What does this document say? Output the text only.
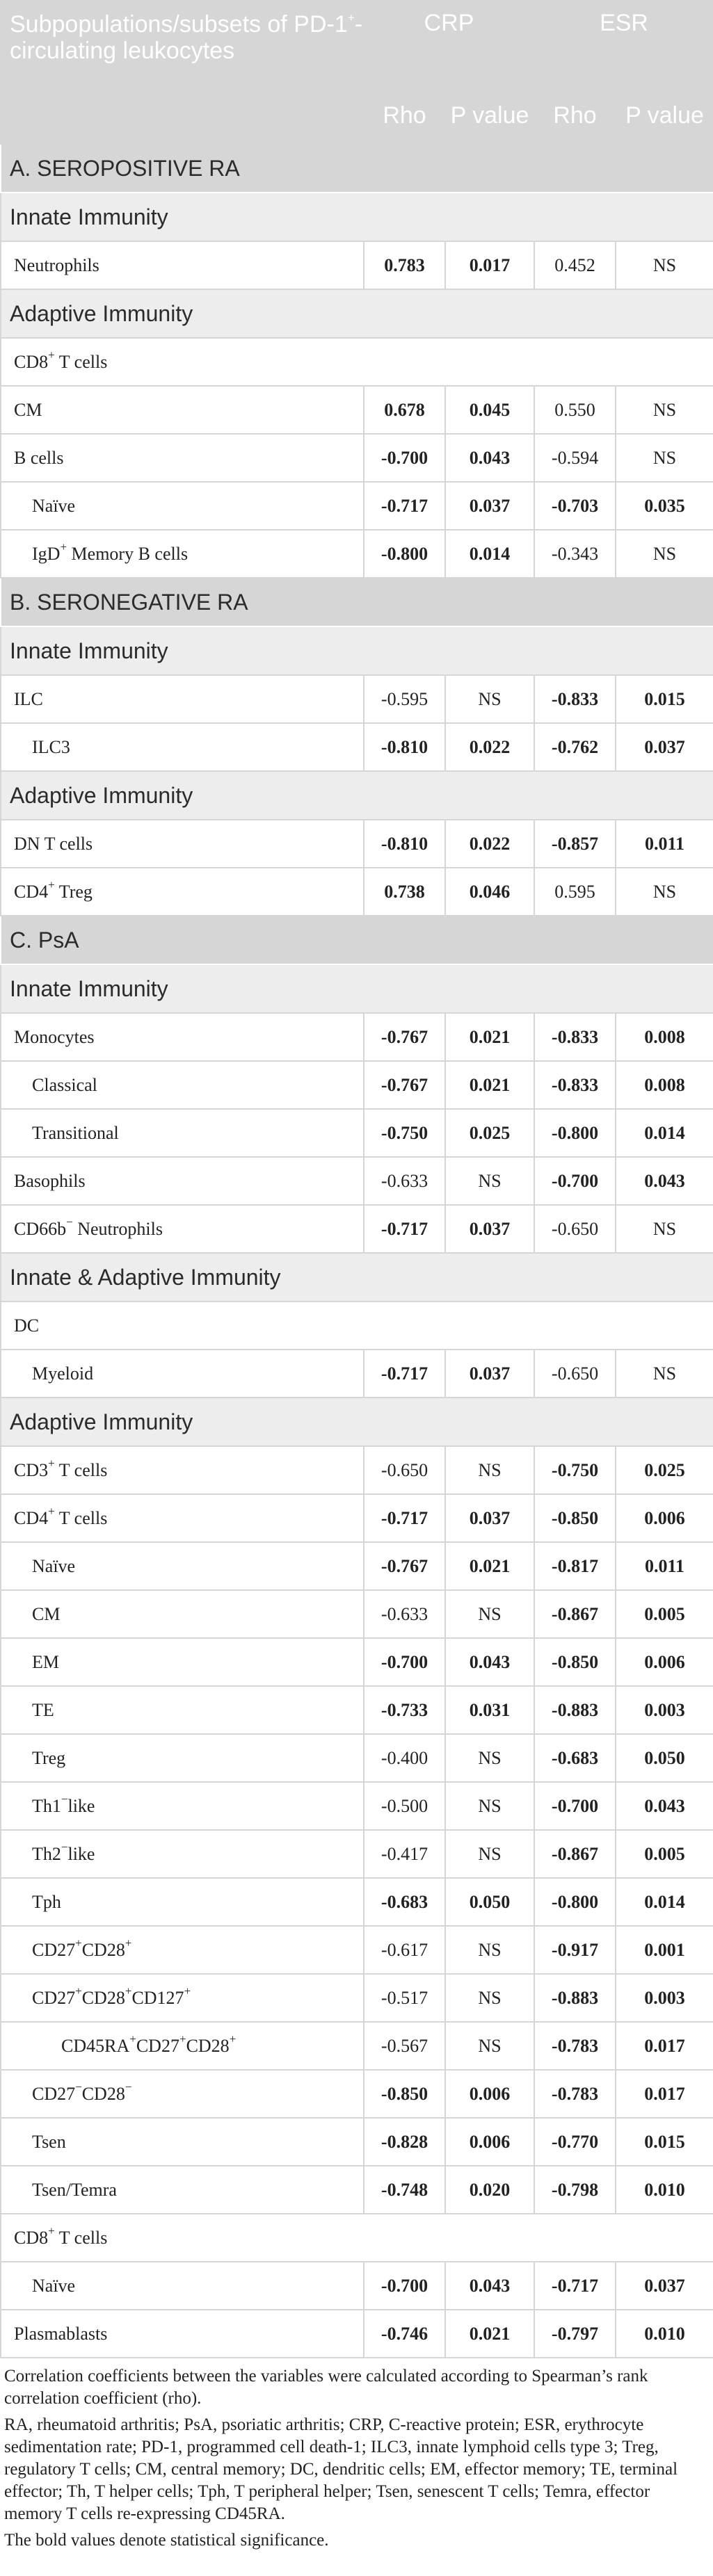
Subpopulations/subsets of PD-1+-circulating leukocytes	CRP		ESR	
	Rho	P value	Rho	P value
A. SEROPOSITIVE RA				
Innate Immunity				
Neutrophils	0.783	0.017	0.452	NS
Adaptive Immunity				
CD8+ T cells				
CM	0.678	0.045	0.550	NS
B cells	-0.700	0.043	-0.594	NS
Naïve	-0.717	0.037	-0.703	0.035
IgD+ Memory B cells	-0.800	0.014	-0.343	NS
B. SERONEGATIVE RA				
Innate Immunity				
ILC	-0.595	NS	-0.833	0.015
ILC3	-0.810	0.022	-0.762	0.037
Adaptive Immunity				
DN T cells	-0.810	0.022	-0.857	0.011
CD4+ Treg	0.738	0.046	0.595	NS
C. PsA				
Innate Immunity				
Monocytes	-0.767	0.021	-0.833	0.008
Classical	-0.767	0.021	-0.833	0.008
Transitional	-0.750	0.025	-0.800	0.014
Basophils	-0.633	NS	-0.700	0.043
CD66b− Neutrophils	-0.717	0.037	-0.650	NS
Innate & Adaptive Immunity				
DC				
Myeloid	-0.717	0.037	-0.650	NS
Adaptive Immunity				
CD3+ T cells	-0.650	NS	-0.750	0.025
CD4+ T cells	-0.717	0.037	-0.850	0.006
Naïve	-0.767	0.021	-0.817	0.011
CM	-0.633	NS	-0.867	0.005
EM	-0.700	0.043	-0.850	0.006
TE	-0.733	0.031	-0.883	0.003
Treg	-0.400	NS	-0.683	0.050
Th1−like	-0.500	NS	-0.700	0.043
Th2−like	-0.417	NS	-0.867	0.005
Tph	-0.683	0.050	-0.800	0.014
CD27+CD28+	-0.617	NS	-0.917	0.001
CD27+CD28+CD127+	-0.517	NS	-0.883	0.003
CD45RA+CD27+CD28+	-0.567	NS	-0.783	0.017
CD27−CD28−	-0.850	0.006	-0.783	0.017
Tsen	-0.828	0.006	-0.770	0.015
Tsen/Temra	-0.748	0.020	-0.798	0.010
CD8+ T cells				
Naïve	-0.700	0.043	-0.717	0.037
Plasmablasts	-0.746	0.021	-0.797	0.010

Correlation coefficients between the variables were calculated according to Spearman’s rank correlation coefficient (rho).

RA, rheumatoid arthritis; PsA, psoriatic arthritis; CRP, C-reactive protein; ESR, erythrocyte sedimentation rate; PD-1, programmed cell death-1; ILC3, innate lymphoid cells type 3; Treg, regulatory T cells; CM, central memory; DC, dendritic cells; EM, effector memory; TE, terminal effector; Th, T helper cells; Tph, T peripheral helper; Tsen, senescent T cells; Temra, effector memory T cells re-expressing CD45RA.

The bold values denote statistical significance.
